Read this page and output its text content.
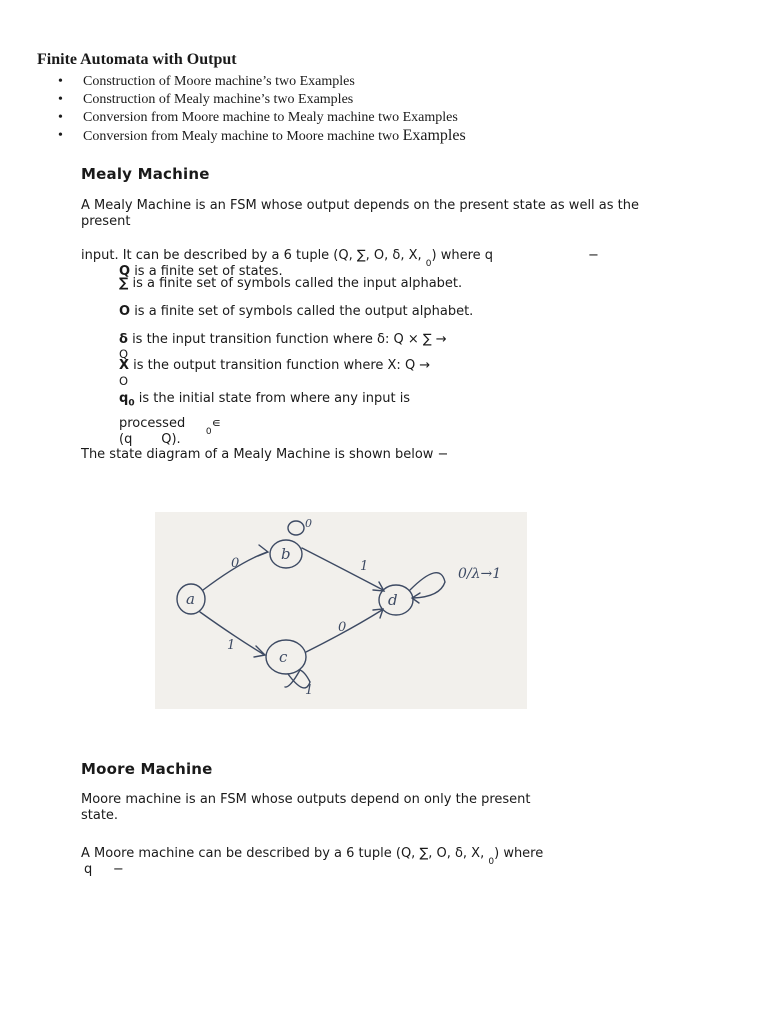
Finite Automata with Output
• Construction of Moore machine’s two Examples
• Construction of Mealy machine’s two Examples
• Conversion from Moore machine to Mealy machine two Examples
• Conversion from Mealy machine to Moore machine two Examples
Mealy Machine
A Mealy Machine is an FSM whose output depends on the present state as well as the
present
input. It can be described by a 6 tuple (Q, ∑, O, δ, X, $_0$) where q	−
Q is a finite set of states.
∑ is a finite set of symbols called the input alphabet.
O is a finite set of symbols called the output alphabet.
δ is the input transition function where δ: Q × ∑ →
Q
X is the output transition function where X: Q →
O
$q_0$ is the initial state from where any input is
processed     $_0$∊
(q       Q).
The state diagram of a Mealy Machine is shown below −
a
b
0
d
c
0	1
1
0
1
0/λ→1
Moore Machine
Moore machine is an FSM whose outputs depend on only the present
state.
A Moore machine can be described by a 6 tuple (Q, ∑, O, δ, X, $_0$) where
q     −
